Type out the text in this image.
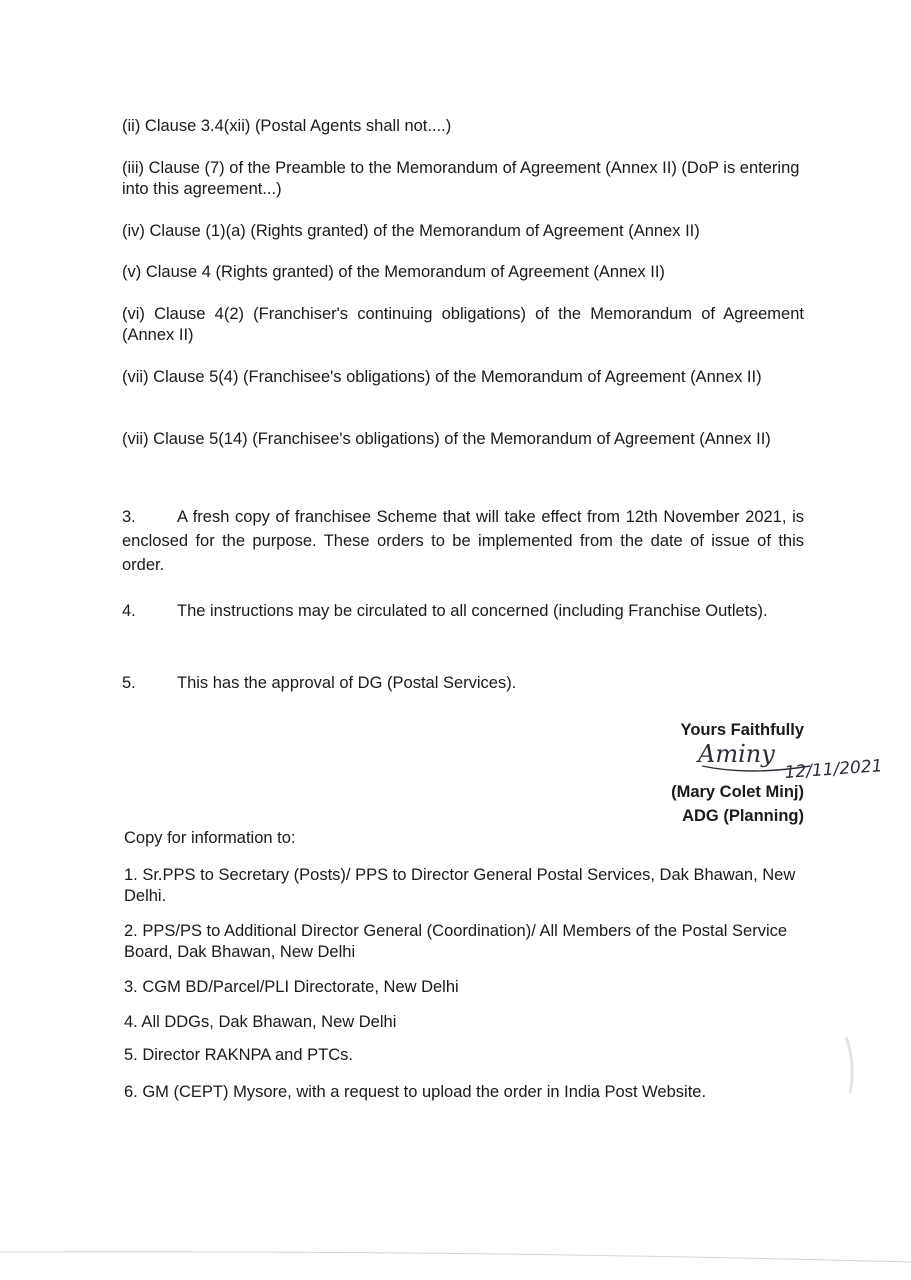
(ii) Clause 3.4(xii) (Postal Agents shall not....)

(iii) Clause (7) of the Preamble to the Memorandum of Agreement (Annex II) (DoP is entering into this agreement...)

(iv) Clause (1)(a) (Rights granted) of the Memorandum of Agreement (Annex II)

(v) Clause 4 (Rights granted) of the Memorandum of Agreement (Annex II)

(vi) Clause 4(2) (Franchiser's continuing obligations) of the Memorandum of Agreement (Annex II)

(vii) Clause 5(4) (Franchisee's obligations) of the Memorandum of Agreement (Annex II)

(vii) Clause 5(14) (Franchisee's obligations) of the Memorandum of Agreement (Annex II)

3. A fresh copy of franchisee Scheme that will take effect from 12th November 2021, is enclosed for the purpose. These orders to be implemented from the date of issue of this order.

4. The instructions may be circulated to all concerned (including Franchise Outlets).

5. This has the approval of DG (Postal Services).

Yours Faithfully

Aminy
12/11/2021

(Mary Colet Minj)

ADG (Planning)

Copy for information to:

1. Sr.PPS to Secretary (Posts)/ PPS to Director General Postal Services, Dak Bhawan, New Delhi.

2. PPS/PS to Additional Director General (Coordination)/ All Members of the Postal Service Board, Dak Bhawan, New Delhi

3. CGM BD/Parcel/PLI Directorate, New Delhi

4. All DDGs, Dak Bhawan, New Delhi

5. Director RAKNPA and PTCs.

6. GM (CEPT) Mysore, with a request to upload the order in India Post Website.
